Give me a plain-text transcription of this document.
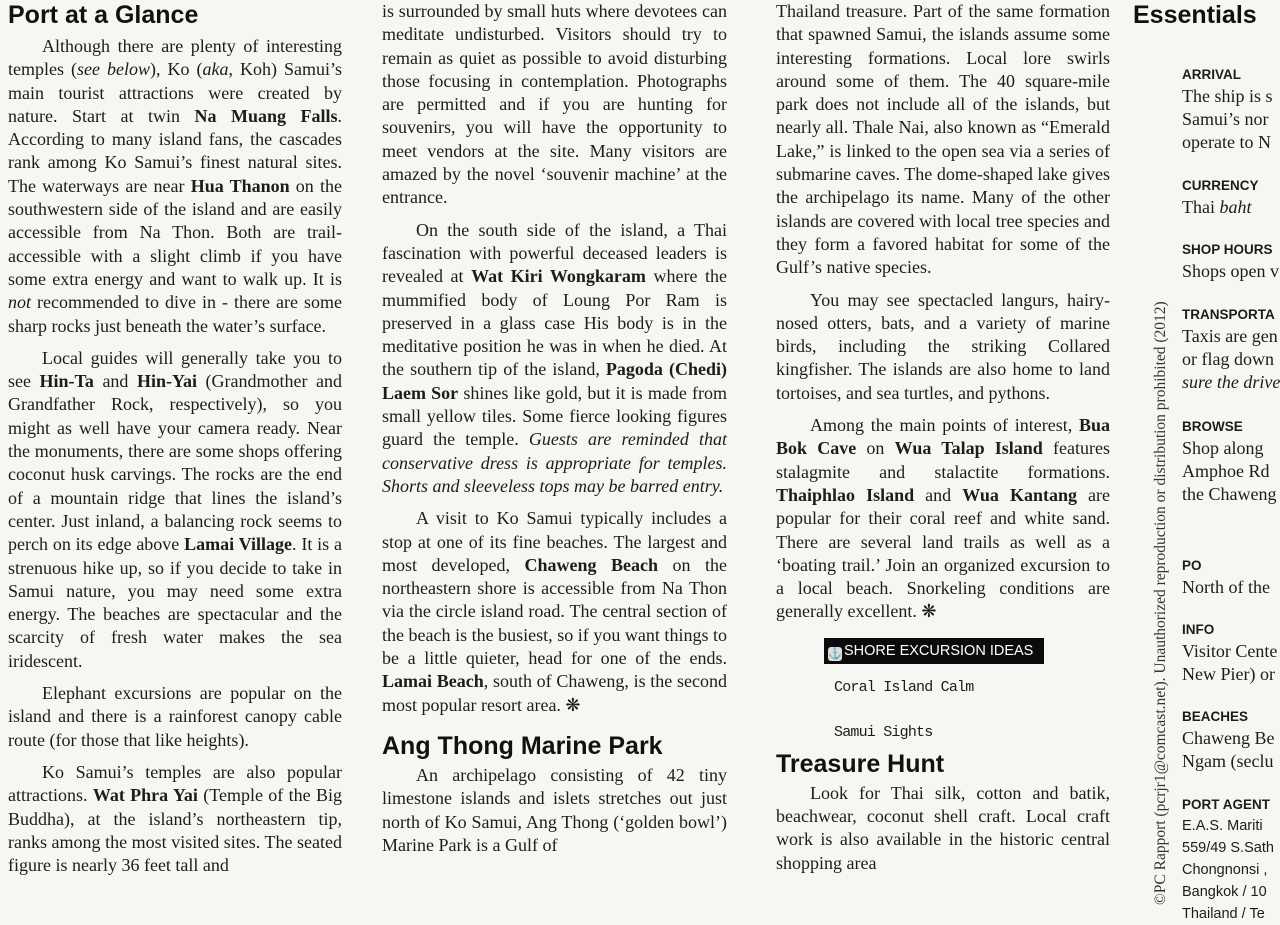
Port at a Glance

Although there are plenty of interesting temples (see below), Ko (aka, Koh) Samui’s main tourist attractions were created by nature. Start at twin Na Muang Falls. According to many island fans, the cascades rank among Ko Samui’s finest natural sites. The waterways are near Hua Thanon on the southwestern side of the island and are easily accessible from Na Thon. Both are trail-accessible with a slight climb if you have some extra energy and want to walk up. It is not recommended to dive in - there are some sharp rocks just beneath the water’s surface.

Local guides will generally take you to see Hin-Ta and Hin-Yai (Grandmother and Grandfather Rock, respectively), so you might as well have your camera ready. Near the monuments, there are some shops offering coconut husk carvings. The rocks are the end of a mountain ridge that lines the island’s center. Just inland, a balancing rock seems to perch on its edge above Lamai Village. It is a strenuous hike up, so if you decide to take in Samui nature, you may need some extra energy. The beaches are spectacular and the scarcity of fresh water makes the sea iridescent.

Elephant excursions are popular on the island and there is a rainforest canopy cable route (for those that like heights).

Ko Samui’s temples are also popular attractions. Wat Phra Yai (Temple of the Big Buddha), at the island’s northeastern tip, ranks among the most visited sites. The seated figure is nearly 36 feet tall and

is surrounded by small huts where devotees can meditate undisturbed. Visitors should try to remain as quiet as possible to avoid disturbing those focusing in contemplation. Photographs are permitted and if you are hunting for souvenirs, you will have the opportunity to meet vendors at the site. Many visitors are amazed by the novel ‘souvenir machine’ at the entrance.

On the south side of the island, a Thai fascination with powerful deceased leaders is revealed at Wat Kiri Wongkaram where the mummified body of Loung Por Ram is preserved in a glass case His body is in the meditative position he was in when he died. At the southern tip of the island, Pagoda (Chedi) Laem Sor shines like gold, but it is made from small yellow tiles. Some fierce looking figures guard the temple. Guests are reminded that conservative dress is appropriate for temples. Shorts and sleeveless tops may be barred entry.

A visit to Ko Samui typically includes a stop at one of its fine beaches. The largest and most developed, Chaweng Beach on the northeastern shore is accessible from Na Thon via the circle island road. The central section of the beach is the busiest, so if you want things to be a little quieter, head for one of the ends. Lamai Beach, south of Chaweng, is the second most popular resort area. ❋

Ang Thong Marine Park

An archipelago consisting of 42 tiny limestone islands and islets stretches out just north of Ko Samui, Ang Thong (‘golden bowl’) Marine Park is a Gulf of

Thailand treasure. Part of the same formation that spawned Samui, the islands assume some interesting formations. Local lore swirls around some of them. The 40 square-mile park does not include all of the islands, but nearly all. Thale Nai, also known as “Emerald Lake,” is linked to the open sea via a series of submarine caves. The dome-shaped lake gives the archipelago its name. Many of the other islands are covered with local tree species and they form a favored habitat for some of the Gulf’s native species.

You may see spectacled langurs, hairy-nosed otters, bats, and a variety of marine birds, including the striking Collared kingfisher. The islands are also home to land tortoises, and sea turtles, and pythons.

Among the main points of interest, Bua Bok Cave on Wua Talap Island features stalagmite and stalactite formations. Thaiphlao Island and Wua Kantang are popular for their coral reef and white sand. There are several land trails as well as a ‘boating trail.’ Join an organized excursion to a local beach. Snorkeling conditions are generally excellent. ❋

⚓ SHORE EXCURSION IDEAS
Coral Island Calm
Samui Sights
Treasure Hunt

Look for Thai silk, cotton and batik, beachwear, coconut shell craft. Local craft work is also available in the historic central shopping area	©PC Rapport (pcrjr1@comcast.net). Unauthorized reproduction or distribution prohibited (2012)
Essentials
ARRIVAL
The ship is s
Samui’s nor
operate to N
CURRENCY
Thai baht
SHOP HOURS
Shops open v
TRANSPORTA
Taxis are gen
or flag down
sure the drive
BROWSE
Shop along
Amphoe Rd
the Chaweng
PO
North of the
INFO
Visitor Cente
New Pier) or
BEACHES
Chaweng Be
Ngam (seclu
PORT AGENT
E.A.S. Mariti
559/49 S.Sath
Chongnonsi ,
Bangkok / 10
Thailand / Te
